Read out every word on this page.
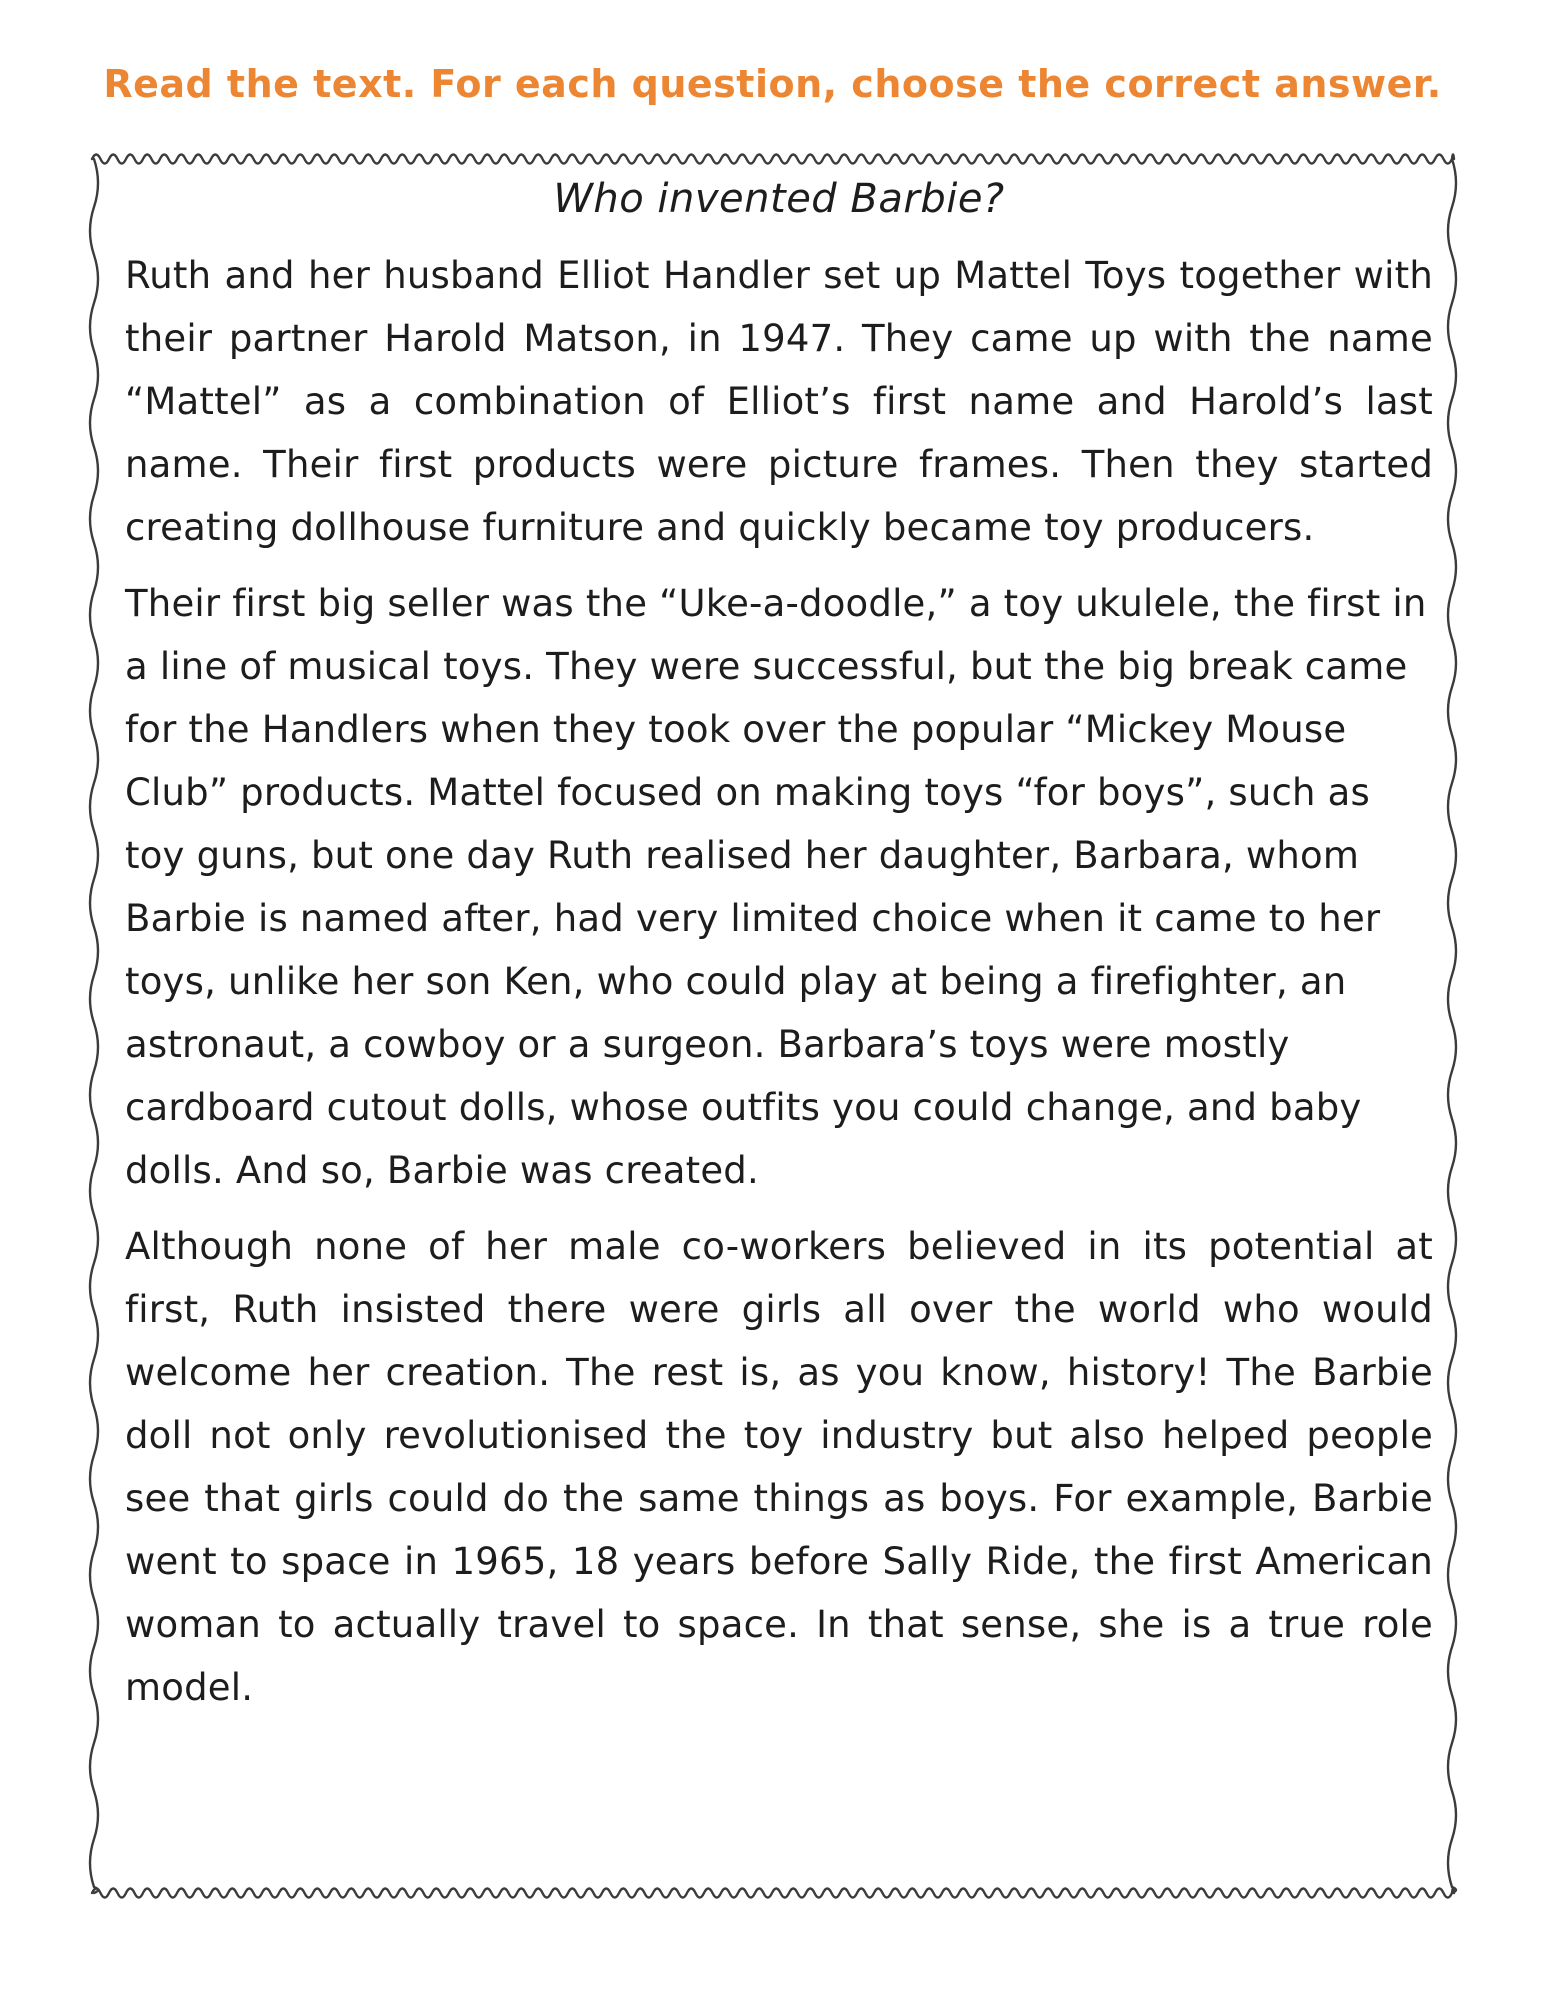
Read the text. For each question, choose the correct answer.
Who invented Barbie?

Ruth and her husband Elliot Handler set up Mattel Toys together with their partner Harold Matson, in 1947. They came up with the name “Mattel” as a combination of Elliot’s first name and Harold’s last name. Their first products were picture frames. Then they started creating dollhouse furniture and quickly became toy producers.

Their first big seller was the “Uke-a-doodle,” a toy ukulele, the first in a line of musical toys. They were successful, but the big break came for the Handlers when they took over the popular “Mickey Mouse Club” products. Mattel focused on making toys “for boys”, such as toy guns, but one day Ruth realised her daughter, Barbara, whom Barbie is named after, had very limited choice when it came to her toys, unlike her son Ken, who could play at being a firefighter, an astronaut, a cowboy or a surgeon. Barbara’s toys were mostly cardboard cutout dolls, whose outfits you could change, and baby dolls. And so, Barbie was created.

Although none of her male co-workers believed in its potential at first, Ruth insisted there were girls all over the world who would welcome her creation. The rest is, as you know, history! The Barbie doll not only revolutionised the toy industry but also helped people see that girls could do the same things as boys. For example, Barbie went to space in 1965, 18 years before Sally Ride, the first American woman to actually travel to space. In that sense, she is a true role model.
